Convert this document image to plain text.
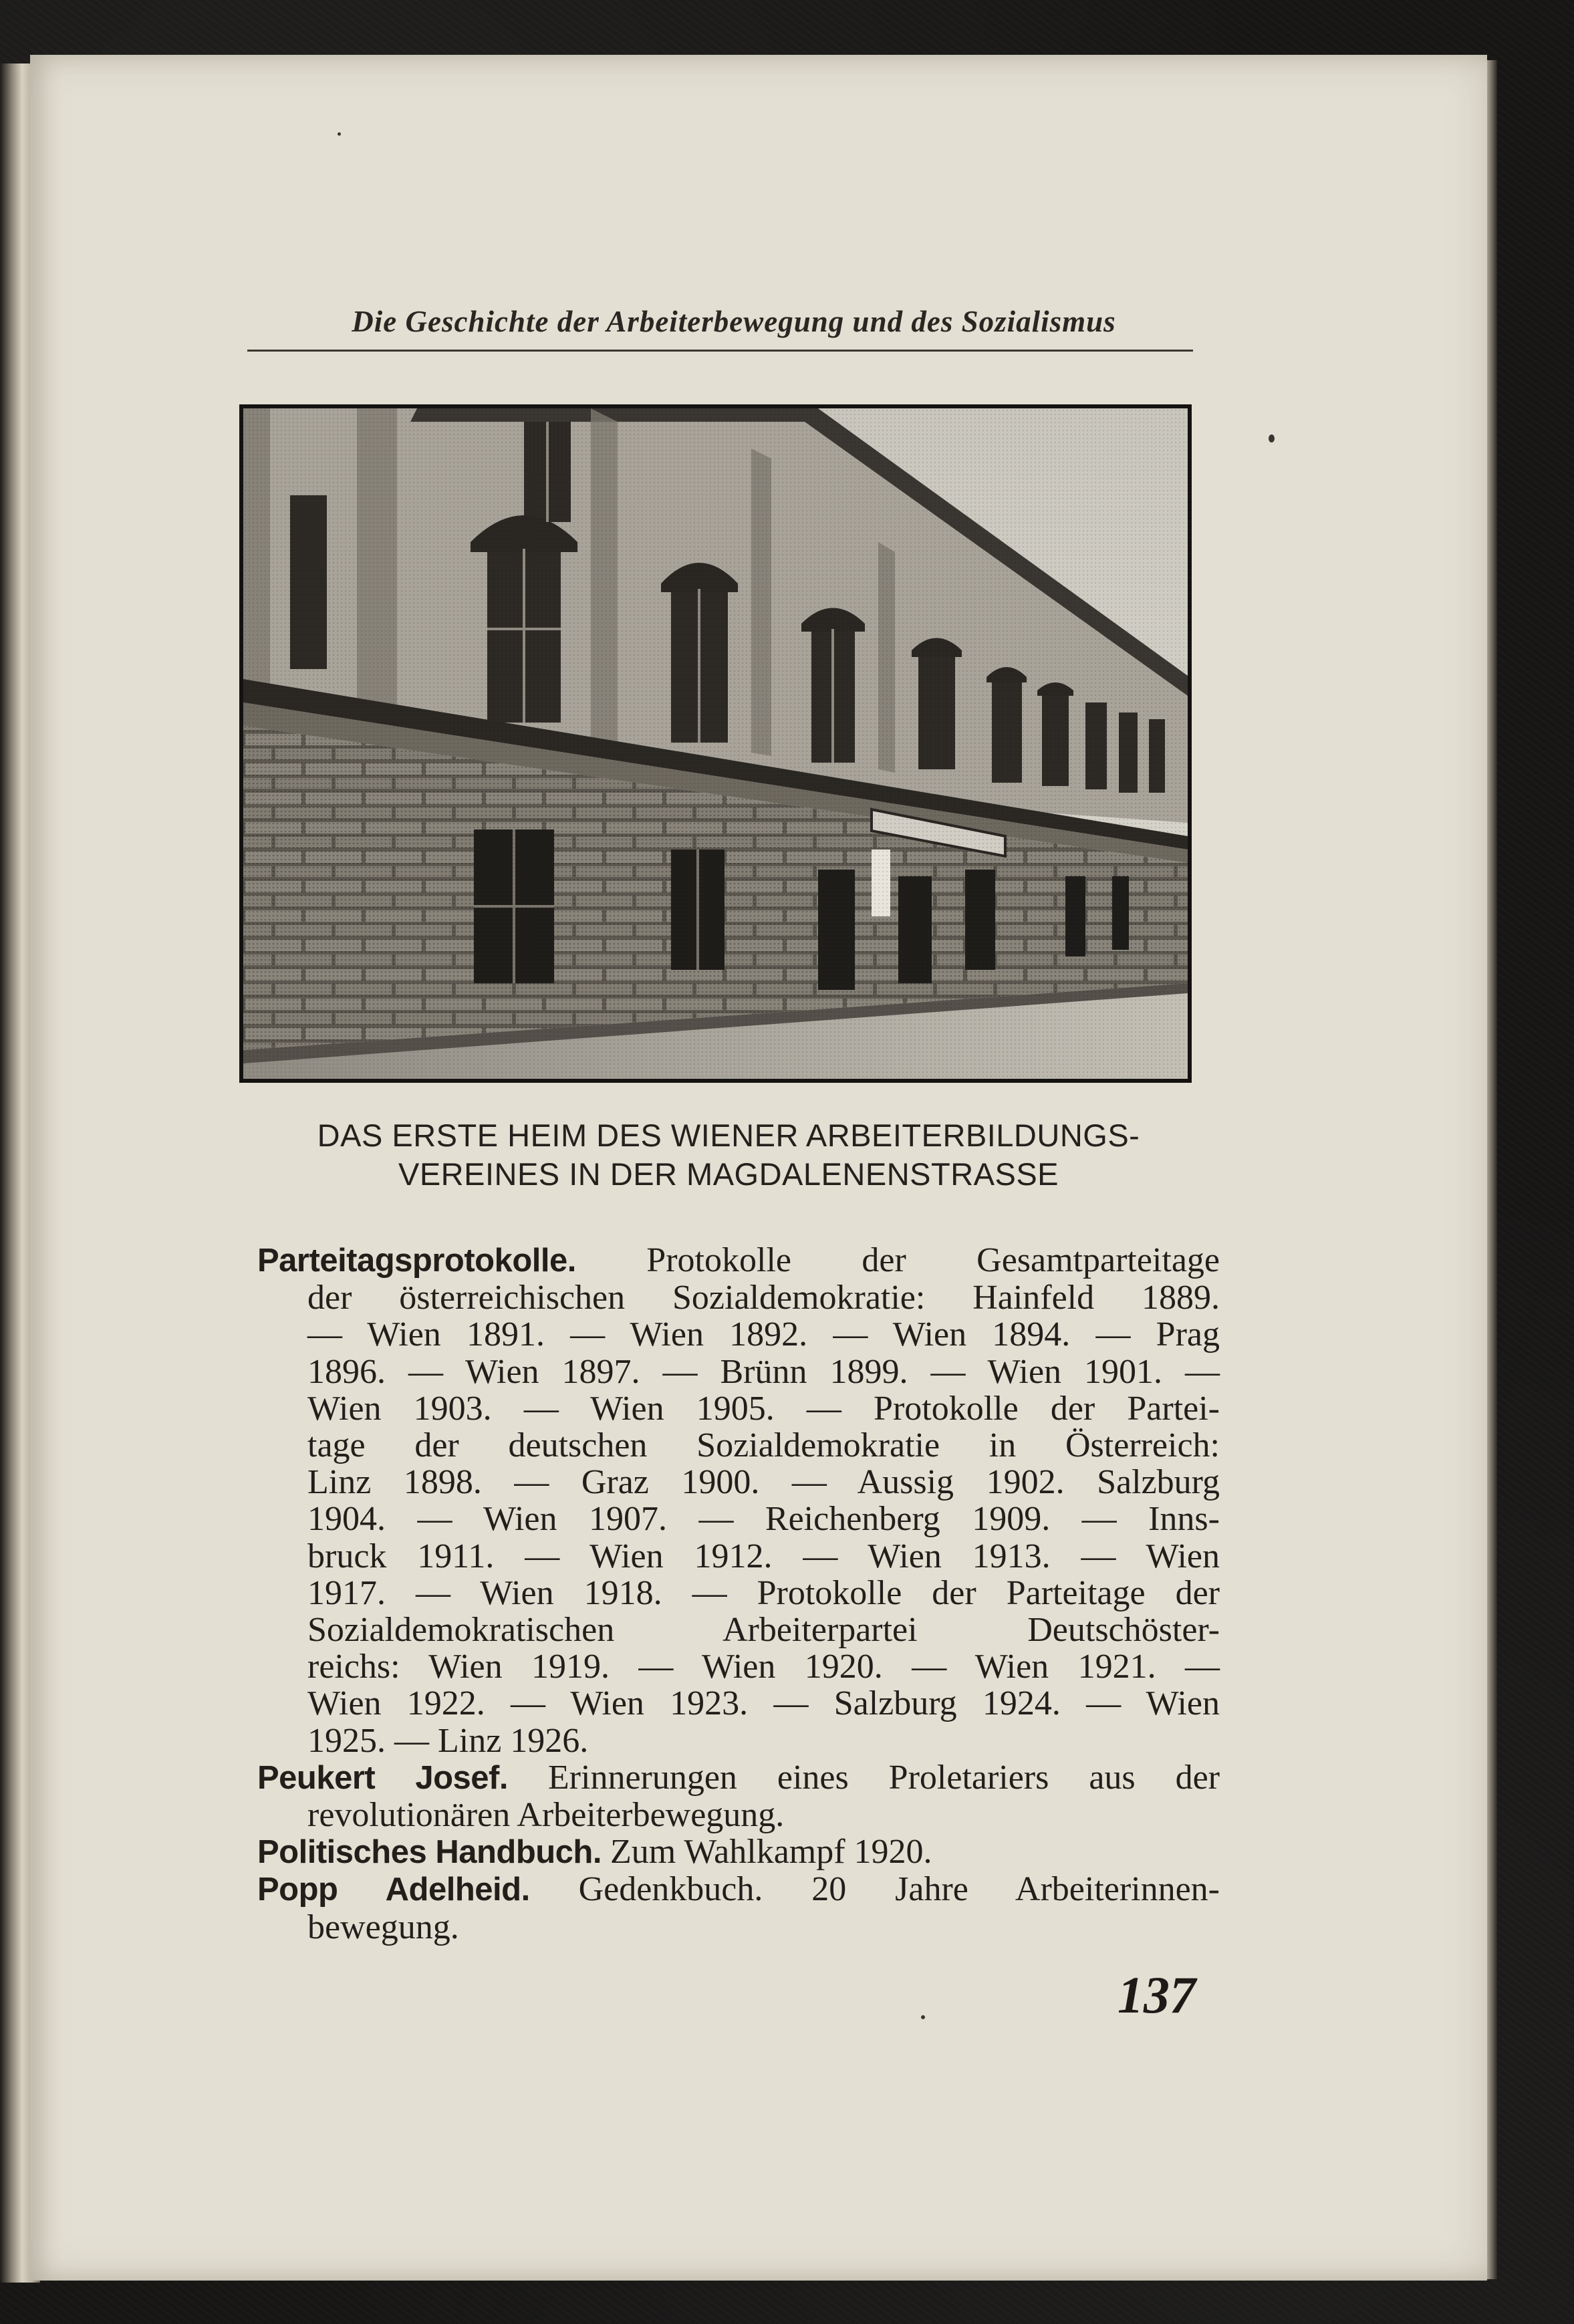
Die Geschichte der Arbeiterbewegung und des Sozialismus
DAS ERSTE HEIM DES WIENER ARBEITERBILDUNGS-
VEREINES IN DER MAGDALENENSTRASSE
Parteitagsprotokolle. Protokolle der Gesamtparteitage
der österreichischen Sozialdemokratie: Hainfeld 1889.
— Wien 1891. — Wien 1892. — Wien 1894. — Prag
1896. — Wien 1897. — Brünn 1899. — Wien 1901. —
Wien 1903. — Wien 1905. — Protokolle der Partei-
tage der deutschen Sozialdemokratie in Österreich:
Linz 1898. — Graz 1900. — Aussig 1902. Salzburg
1904. — Wien 1907. — Reichenberg 1909. — Inns-
bruck 1911. — Wien 1912. — Wien 1913. — Wien
1917. — Wien 1918. — Protokolle der Parteitage der
Sozialdemokratischen Arbeiterpartei Deutschöster-
reichs: Wien 1919. — Wien 1920. — Wien 1921. —
Wien 1922. — Wien 1923. — Salzburg 1924. — Wien
1925. — Linz 1926.
Peukert Josef. Erinnerungen eines Proletariers aus der
revolutionären Arbeiterbewegung.
Politisches Handbuch. Zum Wahlkampf 1920.
Popp Adelheid. Gedenkbuch. 20 Jahre Arbeiterinnen-
bewegung.
137
